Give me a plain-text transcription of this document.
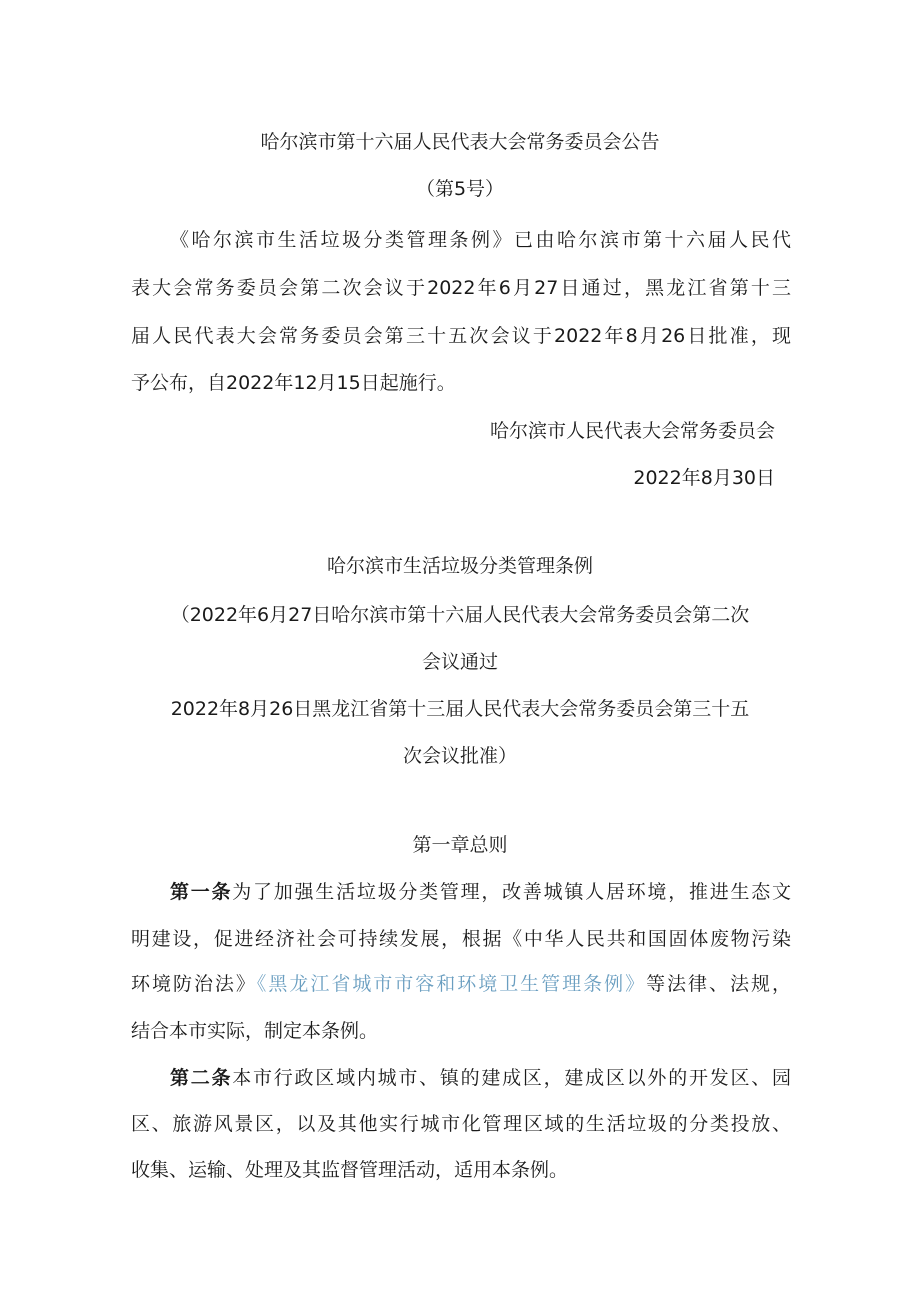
哈尔滨市第十六届人民代表大会常务委员会公告
（第5号）
《哈尔滨市生活垃圾分类管理条例》已由哈尔滨市第十六届人民代
表大会常务委员会第二次会议于2022年6月27日通过，黑龙江省第十三
届人民代表大会常务委员会第三十五次会议于2022年8月26日批准，现
予公布，自2022年12月15日起施行。
哈尔滨市人民代表大会常务委员会
2022年8月30日
哈尔滨市生活垃圾分类管理条例
（2022年6月27日哈尔滨市第十六届人民代表大会常务委员会第二次
会议通过
2022年8月26日黑龙江省第十三届人民代表大会常务委员会第三十五
次会议批准）
第一章总则
第一条为了加强生活垃圾分类管理，改善城镇人居环境，推进生态文
明建设，促进经济社会可持续发展，根据《中华人民共和国固体废物污染
环境防治法》《黑龙江省城市市容和环境卫生管理条例》等法律、法规，
结合本市实际，制定本条例。
第二条本市行政区域内城市、镇的建成区，建成区以外的开发区、园
区、旅游风景区，以及其他实行城市化管理区域的生活垃圾的分类投放、
收集、运输、处理及其监督管理活动，适用本条例。
